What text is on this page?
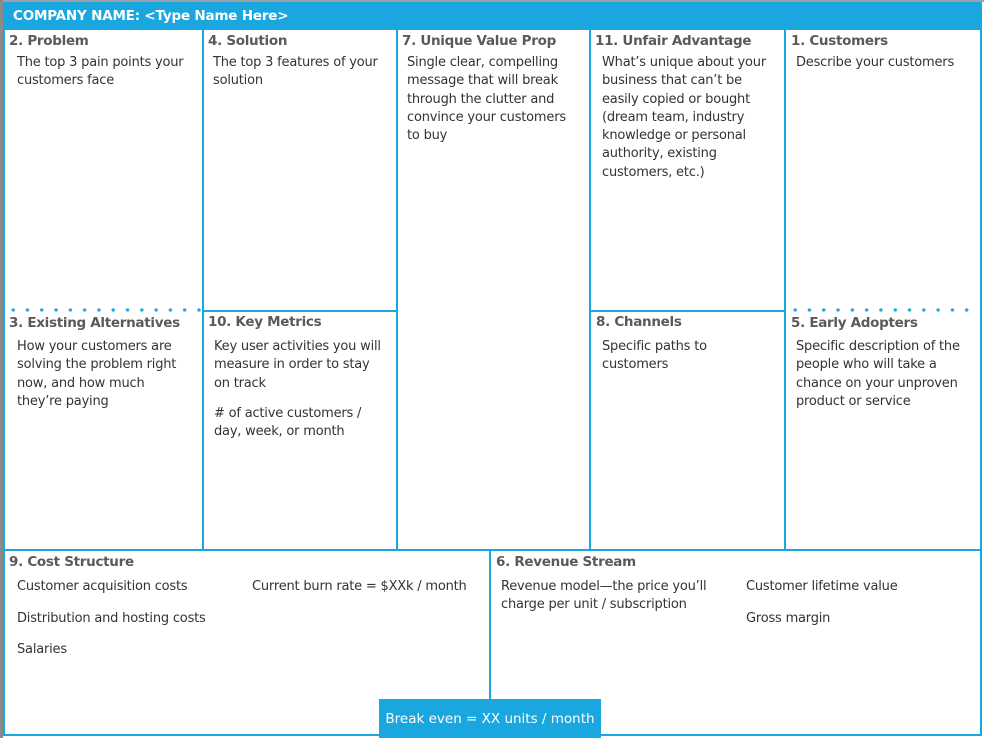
COMPANY NAME: <Type Name Here>
2. Problem
The top 3 pain points your
customers face
4. Solution
The top 3 features of your
solution
7. Unique Value Prop
Single clear, compelling
message that will break
through the clutter and
convince your customers
to buy
11. Unfair Advantage
What’s unique about your
business that can’t be
easily copied or bought
(dream team, industry
knowledge or personal
authority, existing
customers, etc.)
1. Customers
Describe your customers
3. Existing Alternatives
How your customers are
solving the problem right
now, and how much
they’re paying
10. Key Metrics
Key user activities you will
measure in order to stay
on track
# of active customers /
day, week, or month
8. Channels
Specific paths to
customers
5. Early Adopters
Specific description of the
people who will take a
chance on your unproven
product or service
9. Cost Structure
Customer acquisition costs
Distribution and hosting costs
Salaries
Current burn rate = $XXk / month
6. Revenue Stream
Revenue model—the price you’ll
charge per unit / subscription
Customer lifetime value
Gross margin
Break even = XX units / month
